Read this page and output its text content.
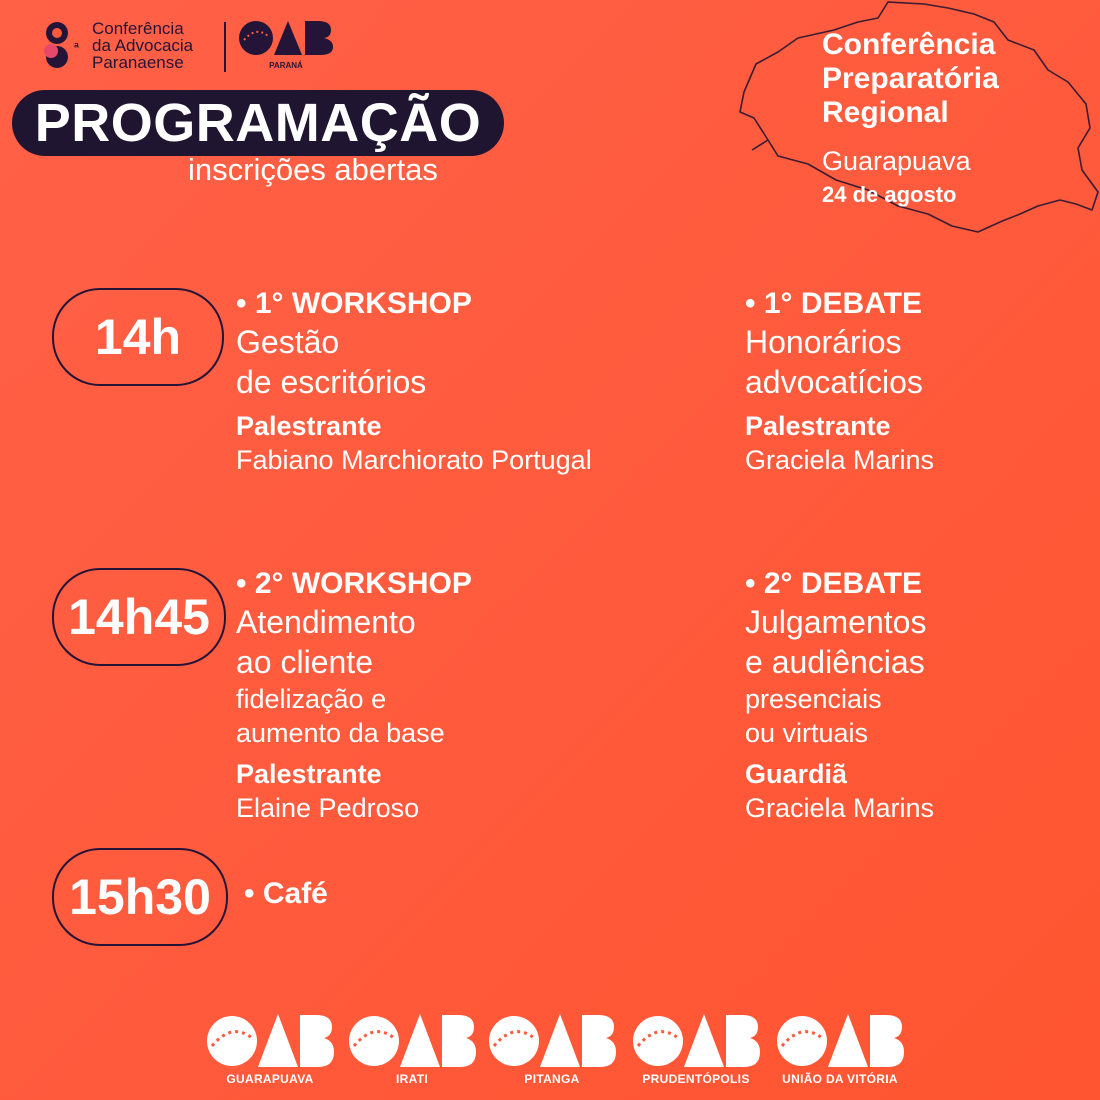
ª
Conferência
da Advocacia
Paranaense	PARANÁ
PROGRAMAÇÃO
inscrições abertas
Conferência
Preparatória
Regional
Guarapuava
24 de agosto
14h
• 1° WORKSHOP
Gestão
de escritórios
Palestrante
Fabiano Marchiorato Portugal
• 1° DEBATE
Honorários
advocatícios
Palestrante
Graciela Marins
14h45
• 2° WORKSHOP
Atendimento
ao cliente
fidelização e
aumento da base
Palestrante
Elaine Pedroso
• 2° DEBATE
Julgamentos
e audiências
presenciais
ou virtuais
Guardiã
Graciela Marins
15h30	• Café
GUARAPUAVA	IRATI	PITANGA	PRUDENTÓPOLIS	UNIÃO DA VITÓRIA
